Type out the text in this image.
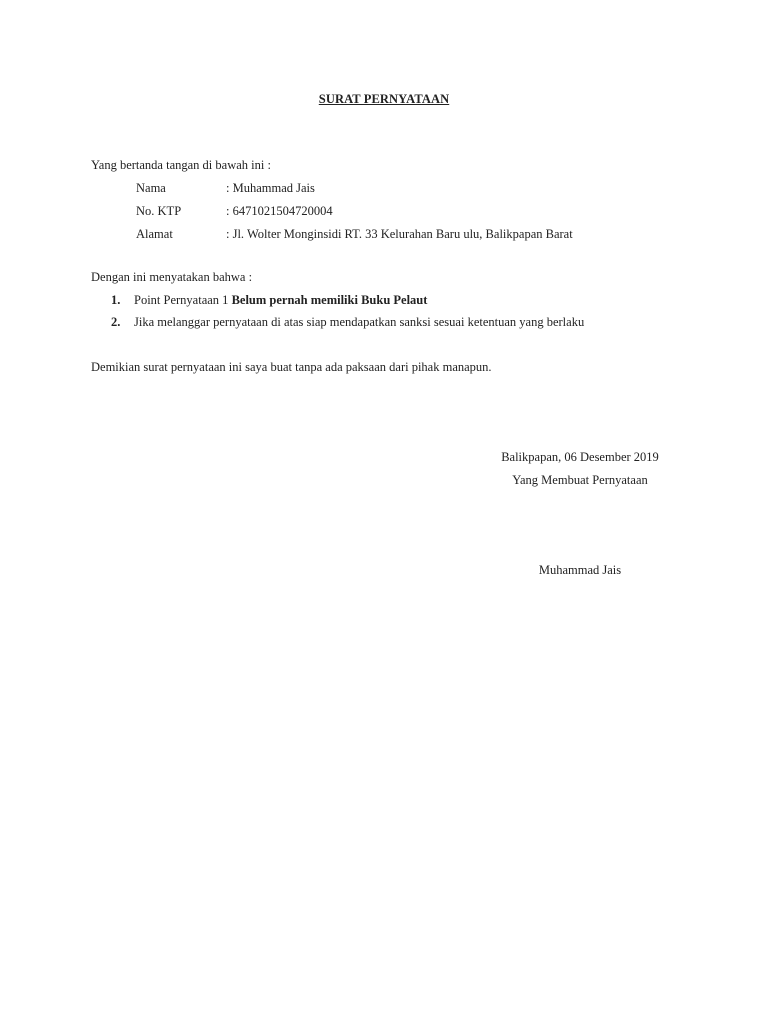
SURAT PERNYATAAN
Yang bertanda tangan di bawah ini :
Nama	: Muhammad Jais
No. KTP	: 6471021504720004
Alamat	: Jl. Wolter Monginsidi RT. 33 Kelurahan Baru ulu, Balikpapan Barat
Dengan ini menyatakan bahwa :
1. Point Pernyataan 1 Belum pernah memiliki Buku Pelaut
2. Jika melanggar pernyataan di atas siap mendapatkan sanksi sesuai ketentuan yang berlaku
Demikian surat pernyataan ini saya buat tanpa ada paksaan dari pihak manapun.
Balikpapan, 06 Desember 2019
Yang Membuat Pernyataan
Muhammad Jais
